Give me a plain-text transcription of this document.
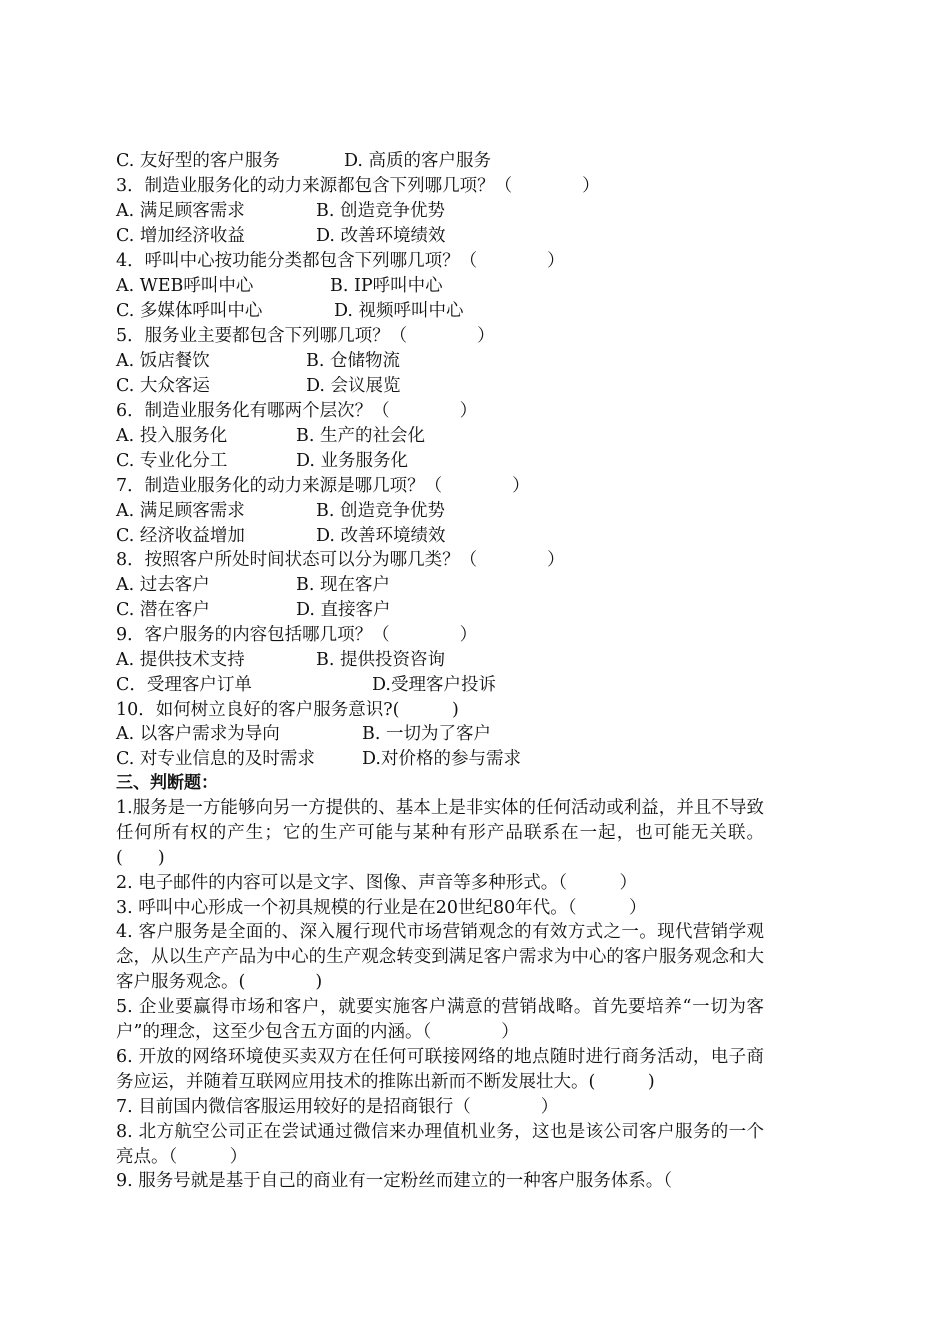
C. 友好型的客户服务	D. 高质的客户服务
3．制造业服务化的动力来源都包含下列哪几项？（　　　　）
A. 满足顾客需求	B. 创造竞争优势
C. 增加经济收益	D. 改善环境绩效
4．呼叫中心按功能分类都包含下列哪几项？（　　　　）
A. WEB呼叫中心	B. IP呼叫中心
C. 多媒体呼叫中心	D. 视频呼叫中心
5．服务业主要都包含下列哪几项？（　　　　）
A. 饭店餐饮	B. 仓储物流
C. 大众客运	D. 会议展览
6．制造业服务化有哪两个层次？（　　　　）
A. 投入服务化	B. 生产的社会化
C. 专业化分工	D. 业务服务化
7．制造业服务化的动力来源是哪几项？（　　　　）
A. 满足顾客需求	B. 创造竞争优势
C. 经济收益增加	D. 改善环境绩效
8．按照客户所处时间状态可以分为哪几类？（　　　　）
A. 过去客户	B. 现在客户
C. 潜在客户	D. 直接客户
9．客户服务的内容包括哪几项？（　　　　）
A. 提供技术支持	B. 提供投资咨询
C．受理客户订单	D.受理客户投诉
10．如何树立良好的客户服务意识?(　　　)
A. 以客户需求为导向	B. 一切为了客户
C. 对专业信息的及时需求	D.对价格的参与需求
三、判断题：
1.服务是一方能够向另一方提供的、基本上是非实体的任何活动或利益，并且不导致任何所有权的产生；它的生产可能与某种有形产品联系在一起，也可能无关联。(　　)
2. 电子邮件的内容可以是文字、图像、声音等多种形式。（　　　）
3. 呼叫中心形成一个初具规模的行业是在20世纪80年代。（　　　）
4. 客户服务是全面的、深入履行现代市场营销观念的有效方式之一。现代营销学观念，从以生产产品为中心的生产观念转变到满足客户需求为中心的客户服务观念和大客户服务观念。(　　　　)
5. 企业要赢得市场和客户，就要实施客户满意的营销战略。首先要培养“一切为客户”的理念，这至少包含五方面的内涵。（　　　　）
6. 开放的网络环境使买卖双方在任何可联接网络的地点随时进行商务活动，电子商务应运，并随着互联网应用技术的推陈出新而不断发展壮大。(　　　)
7. 目前国内微信客服运用较好的是招商银行（　　　　）
8. 北方航空公司正在尝试通过微信来办理值机业务，这也是该公司客户服务的一个亮点。（　　　）
9. 服务号就是基于自己的商业有一定粉丝而建立的一种客户服务体系。（
